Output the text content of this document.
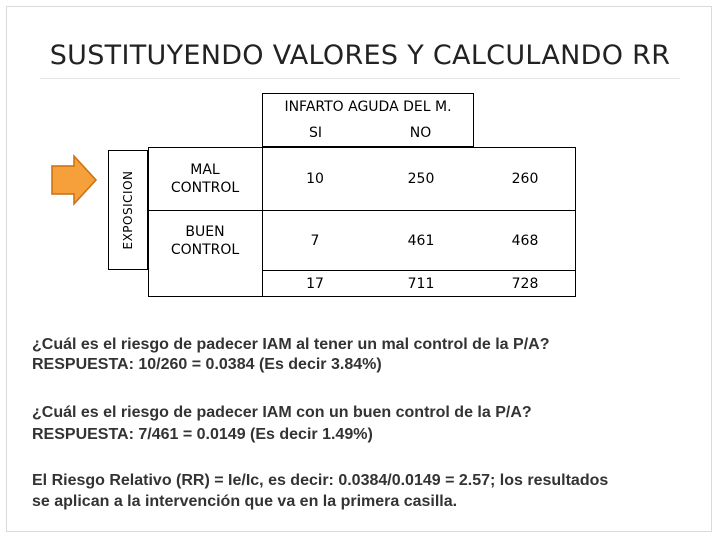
SUSTITUYENDO VALORES Y CALCULANDO RR
EXPOSICION
INFARTO AGUDA DEL M.
SI	NO
MAL
CONTROL
10	250	260
BUEN
CONTROL
7	461	468
17	711	728
¿Cuál es el riesgo de padecer IAM al tener un mal control de la P/A?
RESPUESTA: 10/260 = 0.0384 (Es decir 3.84%)
¿Cuál es el riesgo de padecer IAM con un buen control de la P/A?
RESPUESTA: 7/461 = 0.0149 (Es decir 1.49%)
El Riesgo Relativo (RR) = Ie/Ic, es decir: 0.0384/0.0149 = 2.57; los resultados
se aplican a la intervención que va en la primera casilla.
